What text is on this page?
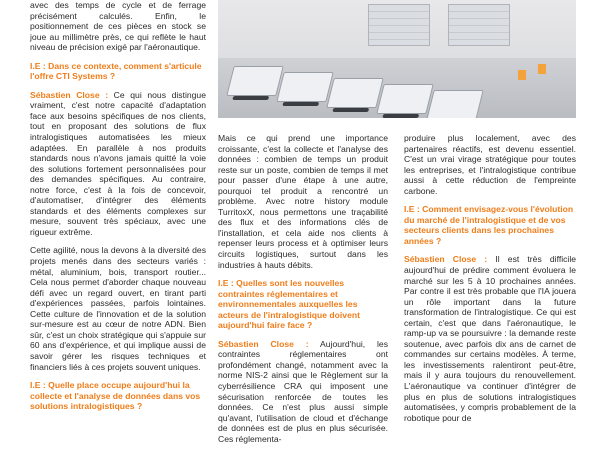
avec des temps de cycle et de ferrage précisément calculés. Enfin, le positionnement de ces pièces en stock se joue au millimètre près, ce qui reflète le haut niveau de précision exigé par l'aéronautique.

I.E : Dans ce contexte, comment s'articule l'offre CTI Systems ?

Sébastien Close : Ce qui nous distingue vraiment, c'est notre capacité d'adaptation face aux besoins spécifiques de nos clients, tout en proposant des solutions de flux intralogistiques automatisées les mieux adaptées. En parallèle à nos produits standards nous n'avons jamais quitté la voie des solutions fortement personnalisées pour des demandes spécifiques. Au contraire, notre force, c'est à la fois de concevoir, d'automatiser, d'intégrer des éléments standards et des éléments complexes sur mesure, souvent très spéciaux, avec une rigueur extrême.

Cette agilité, nous la devons à la diversité des projets menés dans des secteurs variés : métal, aluminium, bois, transport routier... Cela nous permet d'aborder chaque nouveau défi avec un regard ouvert, en tirant parti d'expériences passées, parfois lointaines. Cette culture de l'innovation et de la solution sur-mesure est au cœur de notre ADN. Bien sûr, c'est un choix stratégique qui s'appuie sur 60 ans d'expérience, et qui implique aussi de savoir gérer les risques techniques et financiers liés à ces projets souvent uniques.

I.E : Quelle place occupe aujourd'hui la collecte et l'analyse de données dans vos solutions intralogistiques ?

Mais ce qui prend une importance croissante, c'est la collecte et l'analyse des données : combien de temps un produit reste sur un poste, combien de temps il met pour passer d'une étape à une autre, pourquoi tel produit a rencontré un problème. Avec notre history module TurritoxX, nous permettons une traçabilité des flux et des informations clés de l'installation, et cela aide nos clients à repenser leurs process et à optimiser leurs circuits logistiques, surtout dans les industries à hauts débits.

I.E : Quelles sont les nouvelles contraintes réglementaires et environnementales auxquelles les acteurs de l'intralogistique doivent aujourd'hui faire face ?

Sébastien Close : Aujourd'hui, les contraintes réglementaires ont profondément changé, notamment avec la norme NIS-2 ainsi que le Règlement sur la cyberrésilience CRA qui imposent une sécurisation renforcée de toutes les données. Ce n'est plus aussi simple qu'avant, l'utilisation de cloud et d'échange de données est de plus en plus sécurisée. Ces réglementa-

produire plus localement, avec des partenaires réactifs, est devenu essentiel. C'est un vrai virage stratégique pour toutes les entreprises, et l'intralogistique contribue aussi à cette réduction de l'empreinte carbone.

I.E : Comment envisagez-vous l'évolution du marché de l'intralogistique et de vos secteurs clients dans les prochaines années ?

Sébastien Close : Il est très difficile aujourd'hui de prédire comment évoluera le marché sur les 5 à 10 prochaines années. Par contre il est très probable que l'IA jouera un rôle important dans la future transformation de l'intralogistique. Ce qui est certain, c'est que dans l'aéronautique, le ramp-up va se poursuivre : la demande reste soutenue, avec parfois dix ans de carnet de commandes sur certains modèles. À terme, les investissements ralentiront peut-être, mais il y aura toujours du renouvellement. L'aéronautique va continuer d'intégrer de plus en plus de solutions intralogistiques automatisées, y compris probablement de la robotique pour de
